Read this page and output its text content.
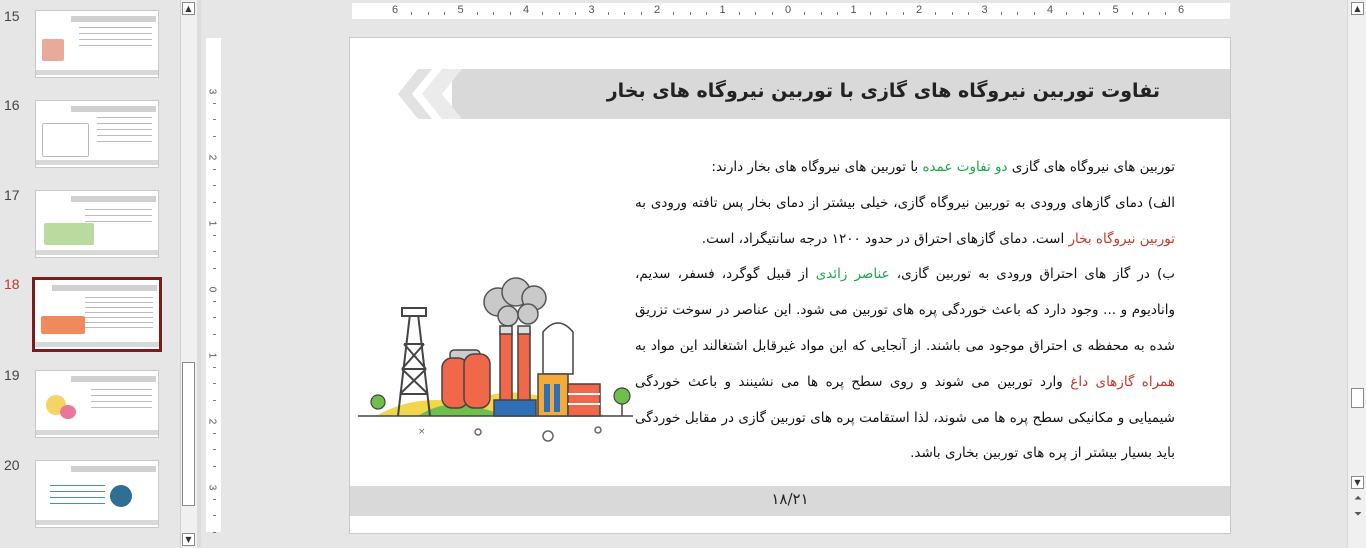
15
16
17
18
19
20
▲
▼
6	5	4	3	2	1	0	1	2	3	4	5	6
3
2
1
0
1
2
3
تفاوت توربین نیروگاه های گازی با توربین نیروگاه های بخار

توربین های نیروگاه های گازی دو تفاوت عمده با توربین های نیروگاه های بخار دارند:

الف) دمای گازهای ورودی به توربین نیروگاه گازی، خیلی بیشتر از دمای بخار پس تافته ورودی به توربین نیروگاه بخار است. دمای گازهای احتراق در حدود ۱۲۰۰ درجه سانتیگراد، است.

ب) در گاز های احتراق ورودی به توربین گازی، عناصر زائدی از قبیل گوگرد، فسفر، سدیم، وانادیوم و ... وجود دارد که باعث خوردگی پره های توربین می شود. این عناصر در سوخت تزریق شده به محفظه ی احتراق موجود می باشند. از آنجایی که این مواد غیرقابل اشتغالند این مواد به همراه گازهای داغ وارد توربین می شوند و روی سطح پره ها می نشینند و باعث خوردگی شیمیایی و مکانیکی سطح پره ها می شوند، لذا استقامت پره های توربین گازی در مقابل خوردگی باید بسیار بیشتر از پره های توربین بخاری باشد.

×
۱۸/۲۱
▲
▼
⏶
⏷
